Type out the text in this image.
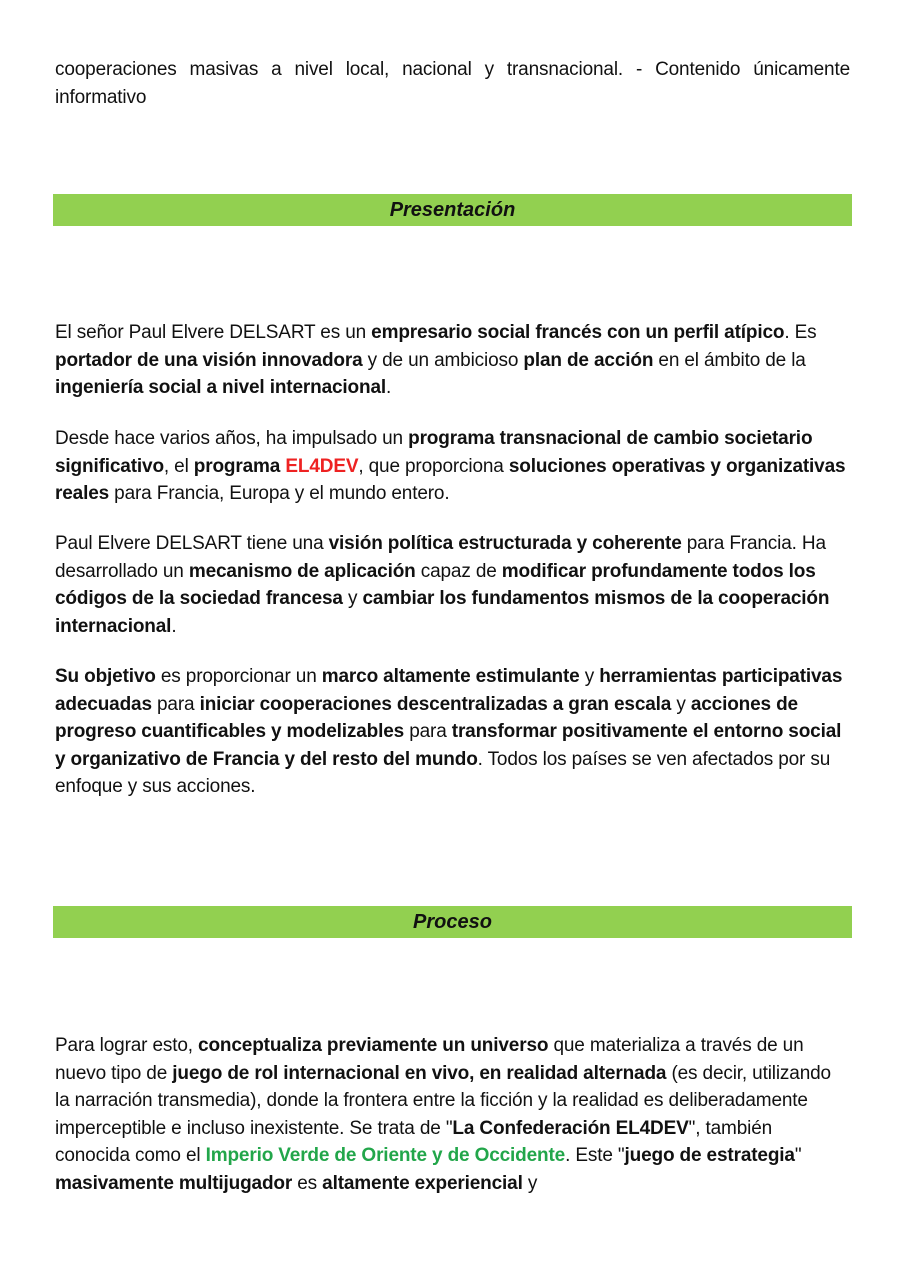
cooperaciones masivas a nivel local, nacional y transnacional. - Contenido únicamente informativo

Presentación

El señor Paul Elvere DELSART es un empresario social francés con un perfil atípico. Es portador de una visión innovadora y de un ambicioso plan de acción en el ámbito de la ingeniería social a nivel internacional.

Desde hace varios años, ha impulsado un programa transnacional de cambio societario significativo, el programa EL4DEV, que proporciona soluciones operativas y organizativas reales para Francia, Europa y el mundo entero.

Paul Elvere DELSART tiene una visión política estructurada y coherente para Francia. Ha desarrollado un mecanismo de aplicación capaz de modificar profundamente todos los códigos de la sociedad francesa y cambiar los fundamentos mismos de la cooperación internacional.

Su objetivo es proporcionar un marco altamente estimulante y herramientas participativas adecuadas para iniciar cooperaciones descentralizadas a gran escala y acciones de progreso cuantificables y modelizables para transformar positivamente el entorno social y organizativo de Francia y del resto del mundo. Todos los países se ven afectados por su enfoque y sus acciones.

Proceso

Para lograr esto, conceptualiza previamente un universo que materializa a través de un nuevo tipo de juego de rol internacional en vivo, en realidad alternada (es decir, utilizando la narración transmedia), donde la frontera entre la ficción y la realidad es deliberadamente imperceptible e incluso inexistente. Se trata de "La Confederación EL4DEV", también conocida como el Imperio Verde de Oriente y de Occidente. Este "juego de estrategia" masivamente multijugador es altamente experiencial y
